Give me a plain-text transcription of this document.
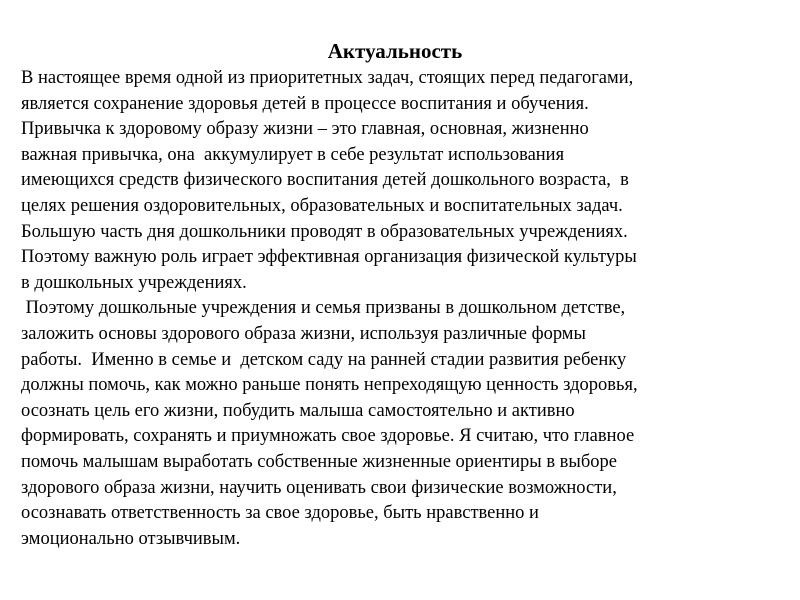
Актуальность
В настоящее время одной из приоритетных задач, стоящих перед педагогами,
является сохранение здоровья детей в процессе воспитания и обучения.
Привычка к здоровому образу жизни – это главная, основная, жизненно
важная привычка, она  аккумулирует в себе результат использования
имеющихся средств физического воспитания детей дошкольного возраста,  в
целях решения оздоровительных, образовательных и воспитательных задач.
Большую часть дня дошкольники проводят в образовательных учреждениях.
Поэтому важную роль играет эффективная организация физической культуры
в дошкольных учреждениях.
Поэтому дошкольные учреждения и семья призваны в дошкольном детстве,
заложить основы здорового образа жизни, используя различные формы
работы.  Именно в семье и  детском саду на ранней стадии развития ребенку
должны помочь, как можно раньше понять непреходящую ценность здоровья,
осознать цель его жизни, побудить малыша самостоятельно и активно
формировать, сохранять и приумножать свое здоровье. Я считаю, что главное
помочь малышам выработать собственные жизненные ориентиры в выборе
здорового образа жизни, научить оценивать свои физические возможности,
осознавать ответственность за свое здоровье, быть нравственно и
эмоционально отзывчивым.
